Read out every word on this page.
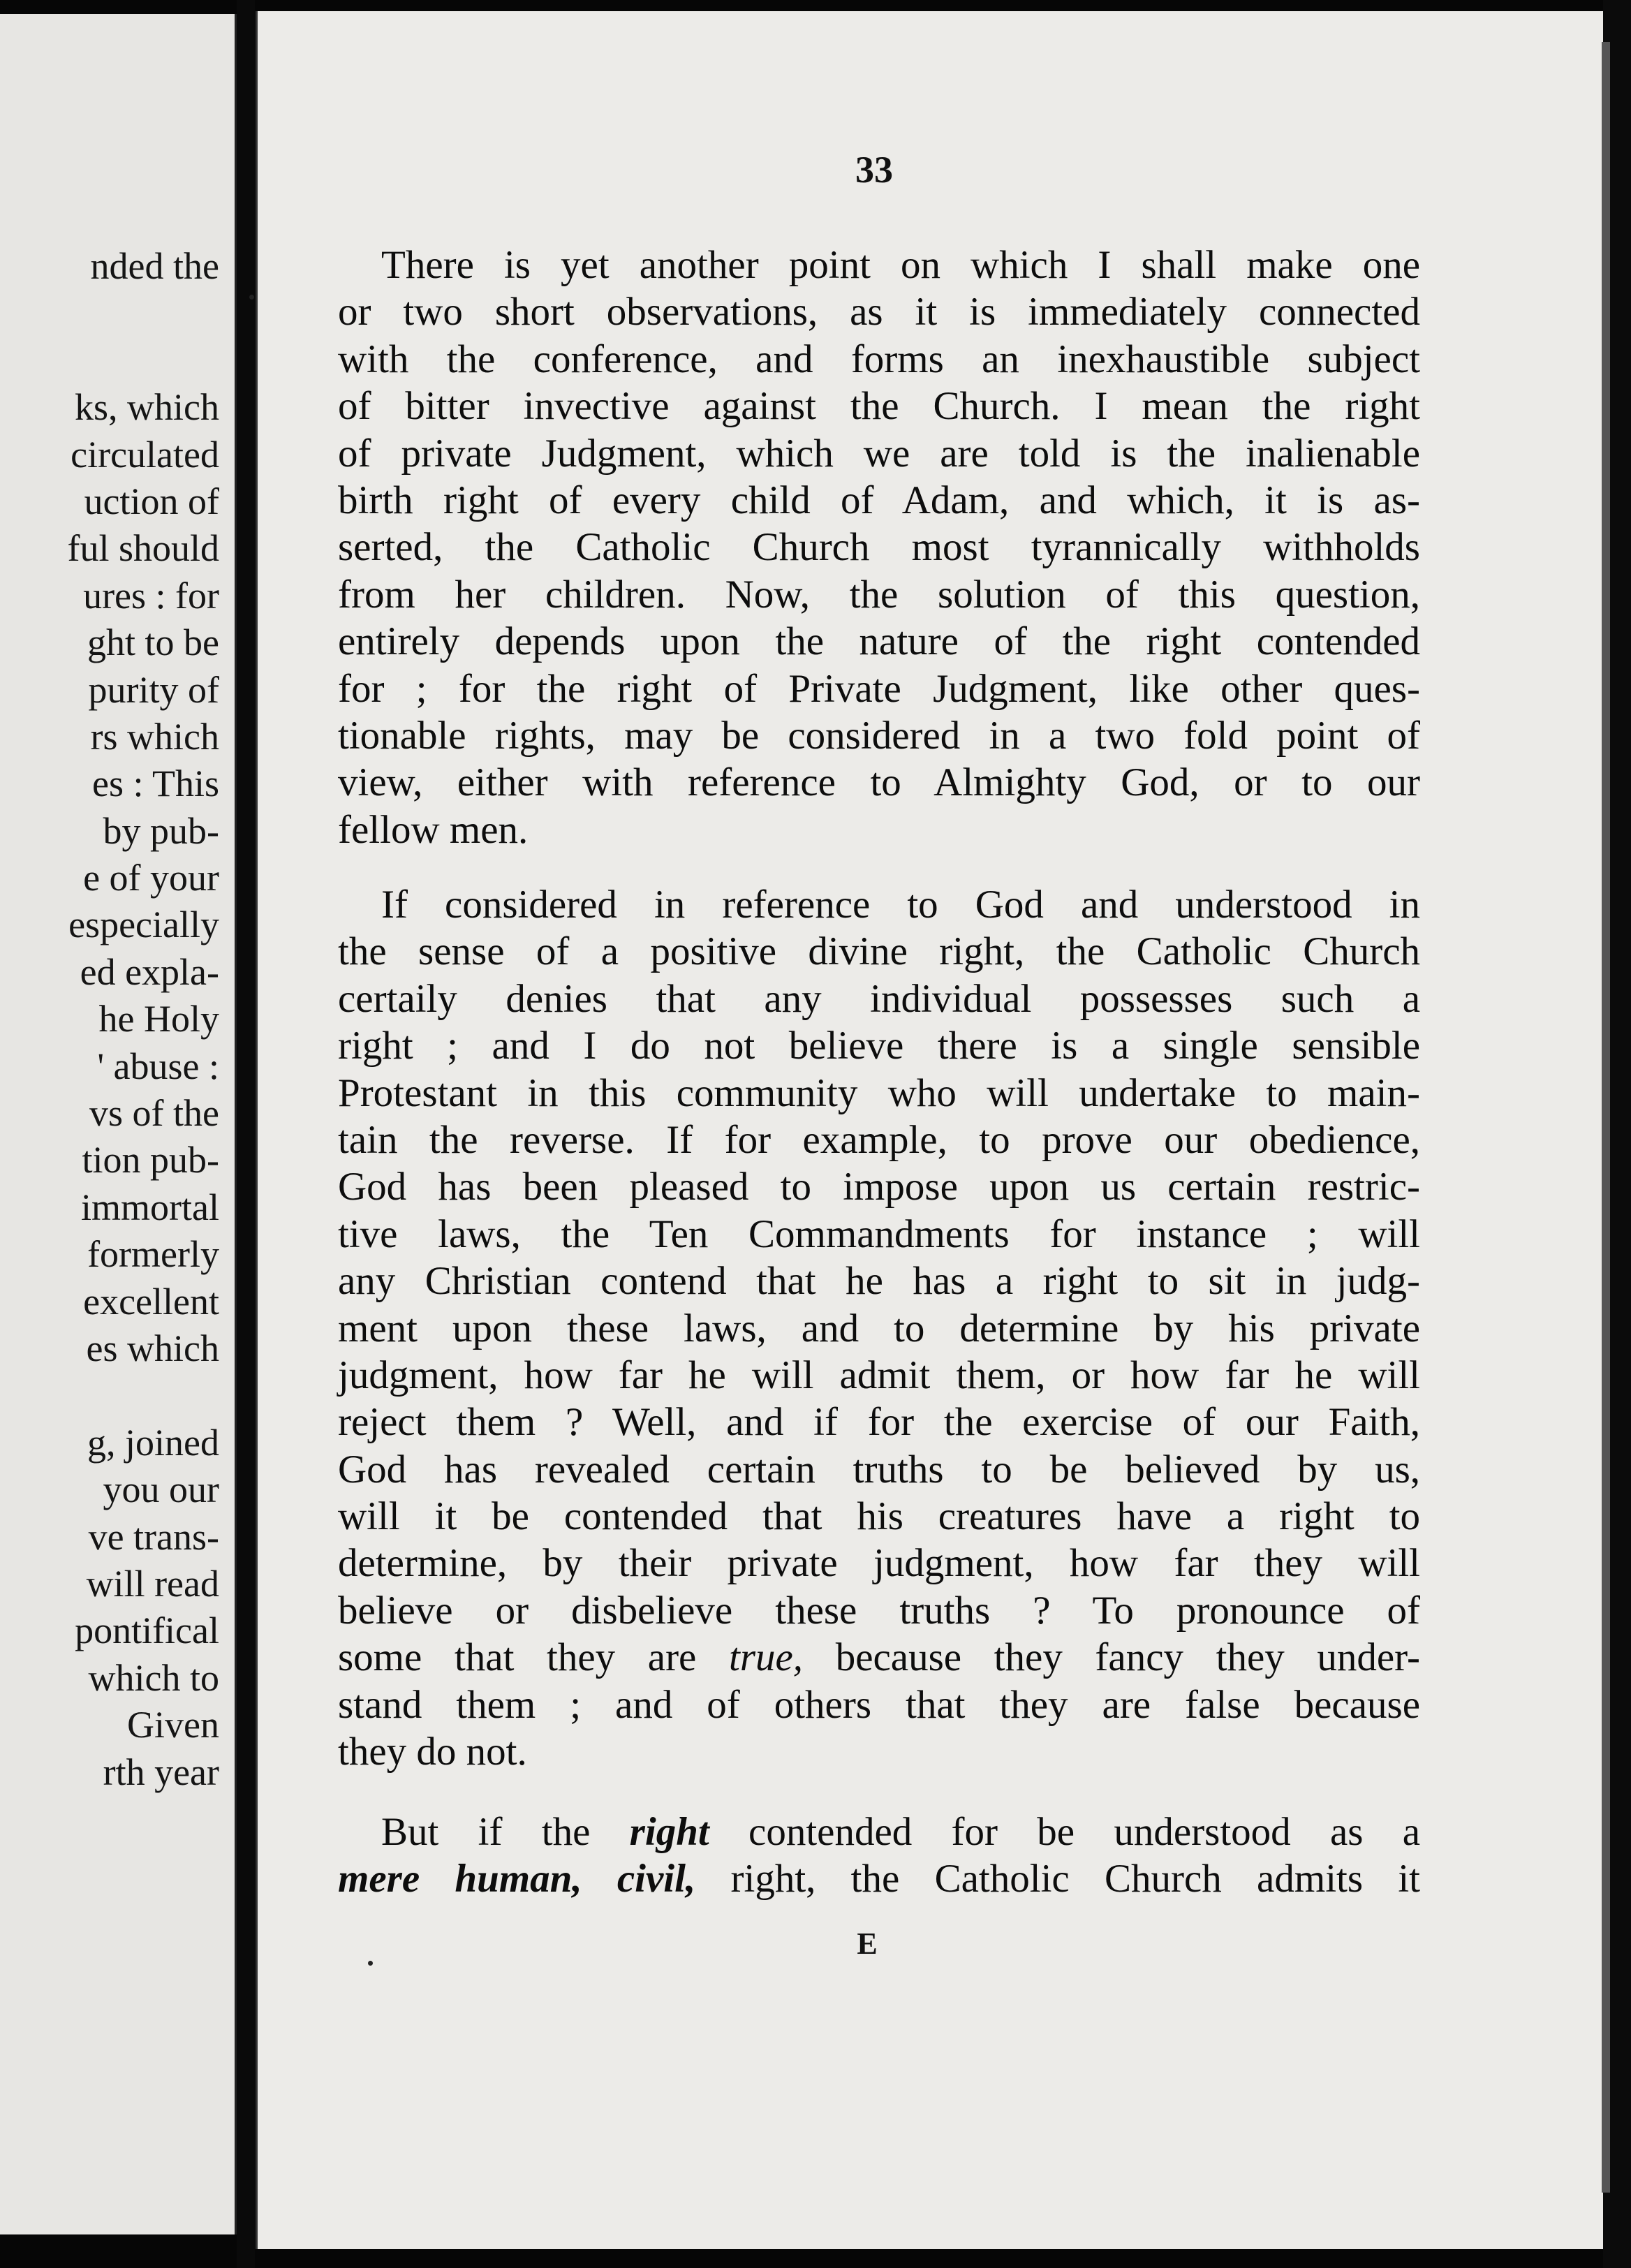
nded the
ks, which
circulated
uction of
ful should
ures : for
ght to be
purity of
rs which
es : This
by pub-
e of your
especially
ed expla-
he Holy
' abuse :
vs of the
tion pub-
immortal
formerly
excellent
es which
g, joined
you our
ve trans-
will read
pontifical
which to
Given
rth year
33
There is yet another point on which I shall make one
or two short observations, as it is immediately connected
with the conference, and forms an inexhaustible subject
of bitter invective against the Church. I mean the right
of private Judgment, which we are told is the inalienable
birth right of every child of Adam, and which, it is as-
serted, the Catholic Church most tyrannically withholds
from her children. Now, the solution of this question,
entirely depends upon the nature of the right contended
for ; for the right of Private Judgment, like other ques-
tionable rights, may be considered in a two fold point of
view, either with reference to Almighty God, or to our
fellow men.
If considered in reference to God and understood in
the sense of a positive divine right, the Catholic Church
certaily denies that any individual possesses such a
right ; and I do not believe there is a single sensible
Protestant in this community who will undertake to main-
tain the reverse. If for example, to prove our obedience,
God has been pleased to impose upon us certain restric-
tive laws, the Ten Commandments for instance ; will
any Christian contend that he has a right to sit in judg-
ment upon these laws, and to determine by his private
judgment, how far he will admit them, or how far he will
reject them ? Well, and if for the exercise of our Faith,
God has revealed certain truths to be believed by us,
will it be contended that his creatures have a right to
determine, by their private judgment, how far they will
believe or disbelieve these truths ? To pronounce of
some that they are true, because they fancy they under-
stand them ; and of others that they are false because
they do not.
But if the right contended for be understood as a
mere human, civil, right, the Catholic Church admits it
E
